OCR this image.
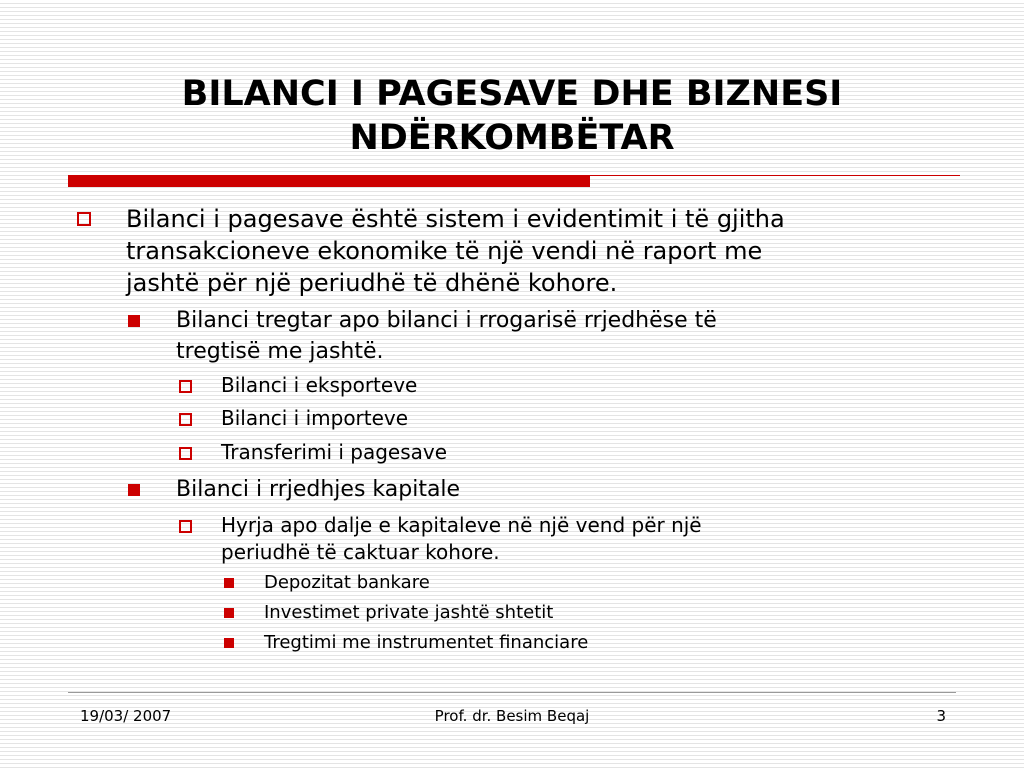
BILANCI I PAGESAVE DHE BIZNESI
NDËRKOMBËTAR
Bilanci i pagesave është sistem i evidentimit i të gjitha
transakcioneve ekonomike të një vendi në raport me
jashtë për një periudhë të dhënë kohore.
Bilanci tregtar apo bilanci i rrogarisë rrjedhëse të
tregtisë me jashtë.
Bilanci i eksporteve
Bilanci i importeve
Transferimi i pagesave
Bilanci i rrjedhjes kapitale
Hyrja apo dalje e kapitaleve në një vend për një
periudhë të caktuar kohore.
Depozitat bankare
Investimet private jashtë shtetit
Tregtimi me instrumentet financiare
19/03/ 2007	Prof. dr. Besim Beqaj	3
